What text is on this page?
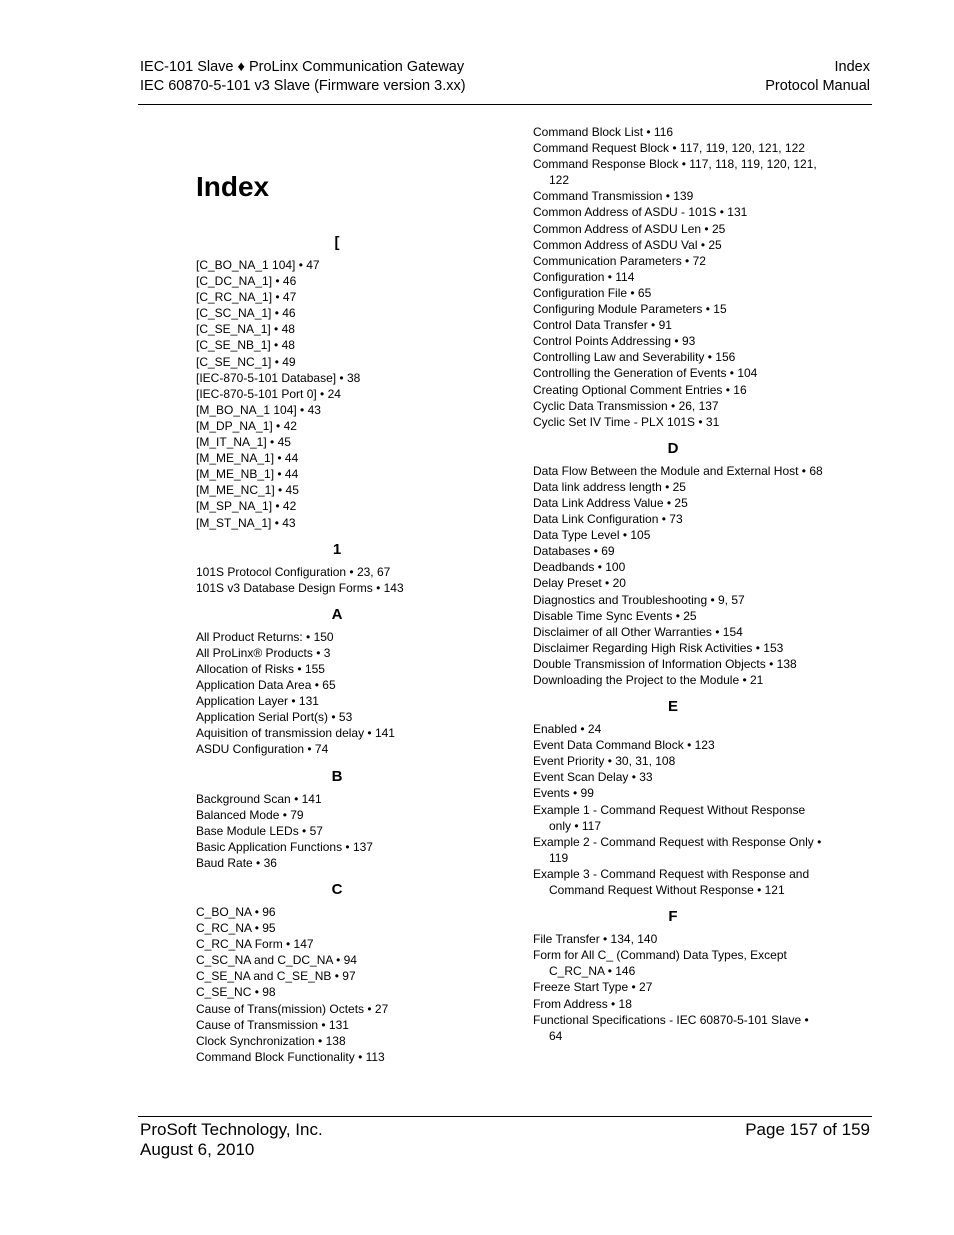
IEC-101 Slave ♦ ProLinx Communication Gateway
IEC 60870-5-101 v3 Slave (Firmware version 3.xx)
Index
Protocol Manual
Index
[
[C_BO_NA_1 104] • 47
[C_DC_NA_1] • 46
[C_RC_NA_1] • 47
[C_SC_NA_1] • 46
[C_SE_NA_1] • 48
[C_SE_NB_1] • 48
[C_SE_NC_1] • 49
[IEC-870-5-101 Database] • 38
[IEC-870-5-101 Port 0] • 24
[M_BO_NA_1 104] • 43
[M_DP_NA_1] • 42
[M_IT_NA_1] • 45
[M_ME_NA_1] • 44
[M_ME_NB_1] • 44
[M_ME_NC_1] • 45
[M_SP_NA_1] • 42
[M_ST_NA_1] • 43
1
101S Protocol Configuration • 23, 67
101S v3 Database Design Forms • 143
A
All Product Returns: • 150
All ProLinx® Products • 3
Allocation of Risks • 155
Application Data Area • 65
Application Layer • 131
Application Serial Port(s) • 53
Aquisition of transmission delay • 141
ASDU Configuration • 74
B
Background Scan • 141
Balanced Mode • 79
Base Module LEDs • 57
Basic Application Functions • 137
Baud Rate • 36
C
C_BO_NA • 96
C_RC_NA • 95
C_RC_NA Form • 147
C_SC_NA and C_DC_NA • 94
C_SE_NA and C_SE_NB • 97
C_SE_NC • 98
Cause of Trans(mission) Octets • 27
Cause of Transmission • 131
Clock Synchronization • 138
Command Block Functionality • 113
Command Block List • 116
Command Request Block • 117, 119, 120, 121, 122
Command Response Block • 117, 118, 119, 120, 121, 122
Command Transmission • 139
Common Address of ASDU - 101S • 131
Common Address of ASDU Len • 25
Common Address of ASDU Val • 25
Communication Parameters • 72
Configuration • 114
Configuration File • 65
Configuring Module Parameters • 15
Control Data Transfer • 91
Control Points Addressing • 93
Controlling Law and Severability • 156
Controlling the Generation of Events • 104
Creating Optional Comment Entries • 16
Cyclic Data Transmission • 26, 137
Cyclic Set IV Time - PLX 101S • 31
D
Data Flow Between the Module and External Host • 68
Data link address length • 25
Data Link Address Value • 25
Data Link Configuration • 73
Data Type Level • 105
Databases • 69
Deadbands • 100
Delay Preset • 20
Diagnostics and Troubleshooting • 9, 57
Disable Time Sync Events • 25
Disclaimer of all Other Warranties • 154
Disclaimer Regarding High Risk Activities • 153
Double Transmission of Information Objects • 138
Downloading the Project to the Module • 21
E
Enabled • 24
Event Data Command Block • 123
Event Priority • 30, 31, 108
Event Scan Delay • 33
Events • 99
Example 1 - Command Request Without Response only • 117
Example 2 - Command Request with Response Only • 119
Example 3 - Command Request with Response and Command Request Without Response • 121
F
File Transfer • 134, 140
Form for All C_ (Command) Data Types, Except C_RC_NA • 146
Freeze Start Type • 27
From Address • 18
Functional Specifications - IEC 60870-5-101 Slave • 64
ProSoft Technology, Inc.
August 6, 2010
Page 157 of 159
